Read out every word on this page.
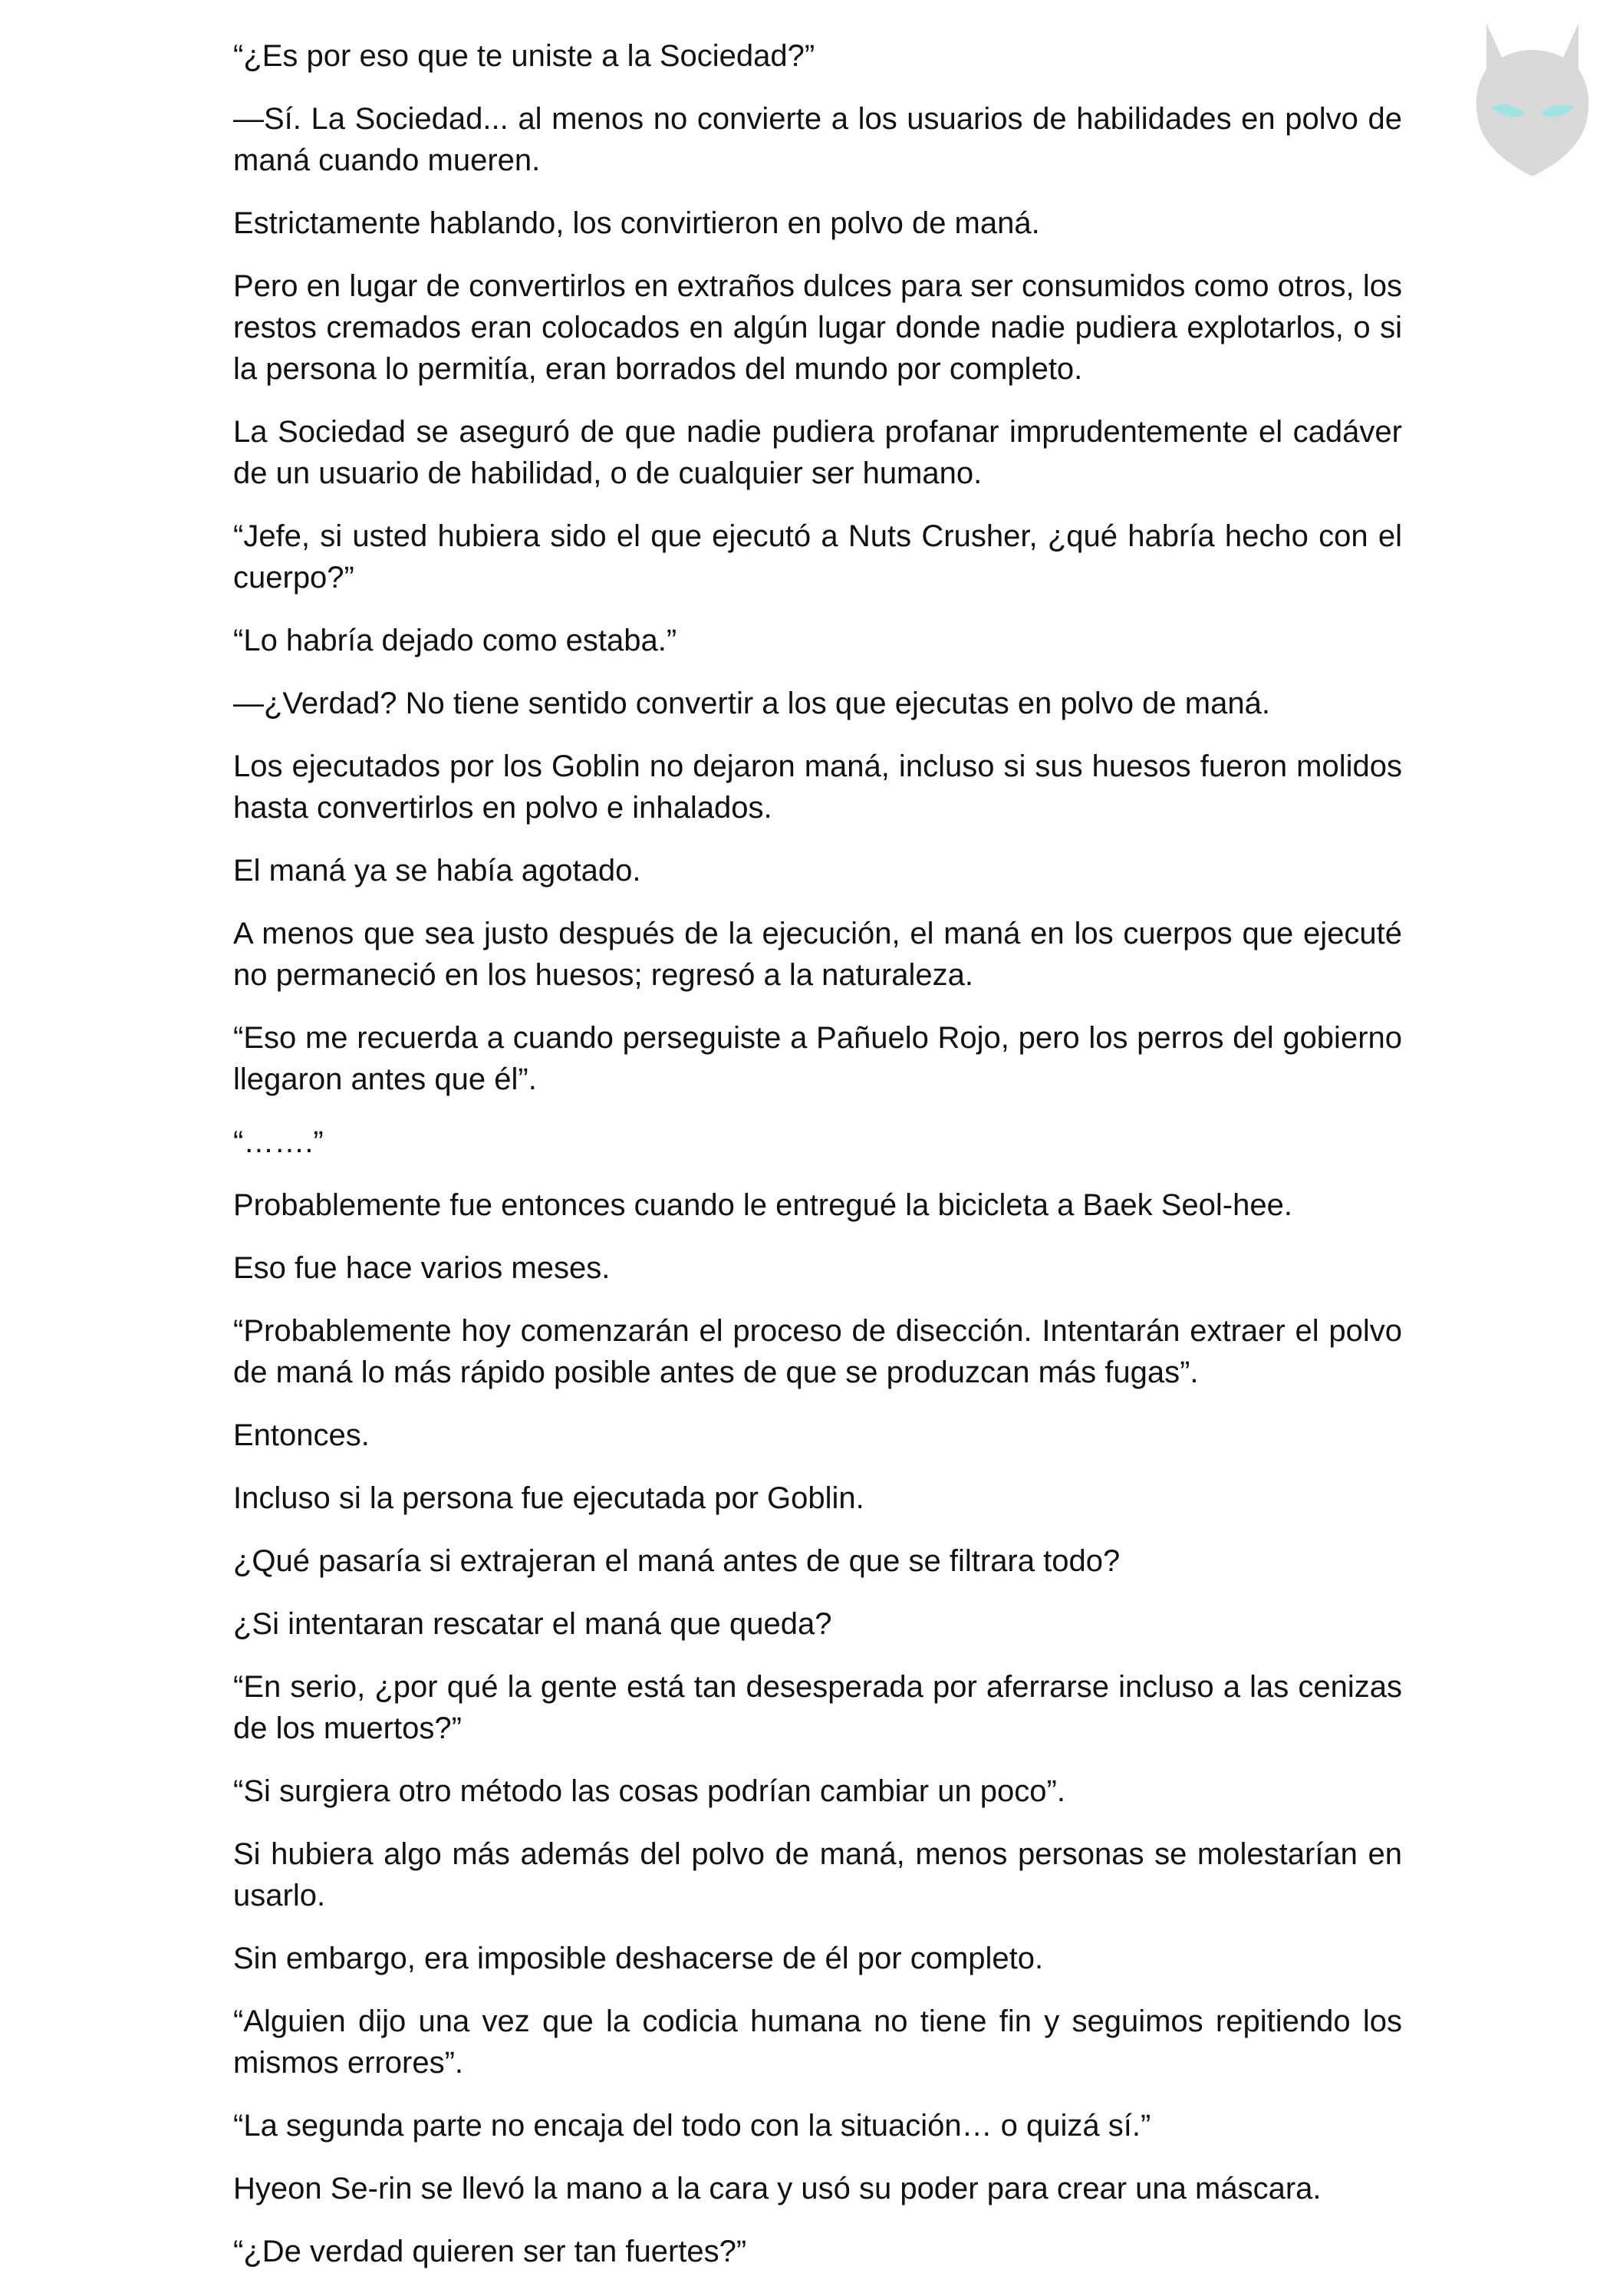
“¿Es por eso que te uniste a la Sociedad?”

—Sí. La Sociedad... al menos no convierte a los usuarios de habilidades en polvo de maná cuando mueren.

Estrictamente hablando, los convirtieron en polvo de maná.

Pero en lugar de convertirlos en extraños dulces para ser consumidos como otros, los restos cremados eran colocados en algún lugar donde nadie pudiera explotarlos, o si la persona lo permitía, eran borrados del mundo por completo.

La Sociedad se aseguró de que nadie pudiera profanar imprudentemente el cadáver de un usuario de habilidad, o de cualquier ser humano.

“Jefe, si usted hubiera sido el que ejecutó a Nuts Crusher, ¿qué habría hecho con el cuerpo?”

“Lo habría dejado como estaba.”

—¿Verdad? No tiene sentido convertir a los que ejecutas en polvo de maná.

Los ejecutados por los Goblin no dejaron maná, incluso si sus huesos fueron molidos hasta convertirlos en polvo e inhalados.

El maná ya se había agotado.

A menos que sea justo después de la ejecución, el maná en los cuerpos que ejecuté no permaneció en los huesos; regresó a la naturaleza.

“Eso me recuerda a cuando perseguiste a Pañuelo Rojo, pero los perros del gobierno llegaron antes que él”.

“…….”

Probablemente fue entonces cuando le entregué la bicicleta a Baek Seol-hee.

Eso fue hace varios meses.

“Probablemente hoy comenzarán el proceso de disección. Intentarán extraer el polvo de maná lo más rápido posible antes de que se produzcan más fugas”.

Entonces.

Incluso si la persona fue ejecutada por Goblin.

¿Qué pasaría si extrajeran el maná antes de que se filtrara todo?

¿Si intentaran rescatar el maná que queda?

“En serio, ¿por qué la gente está tan desesperada por aferrarse incluso a las cenizas de los muertos?”

“Si surgiera otro método las cosas podrían cambiar un poco”.

Si hubiera algo más además del polvo de maná, menos personas se molestarían en usarlo.

Sin embargo, era imposible deshacerse de él por completo.

“Alguien dijo una vez que la codicia humana no tiene fin y seguimos repitiendo los mismos errores”.

“La segunda parte no encaja del todo con la situación… o quizá sí.”

Hyeon Se-rin se llevó la mano a la cara y usó su poder para crear una máscara.

“¿De verdad quieren ser tan fuertes?”
